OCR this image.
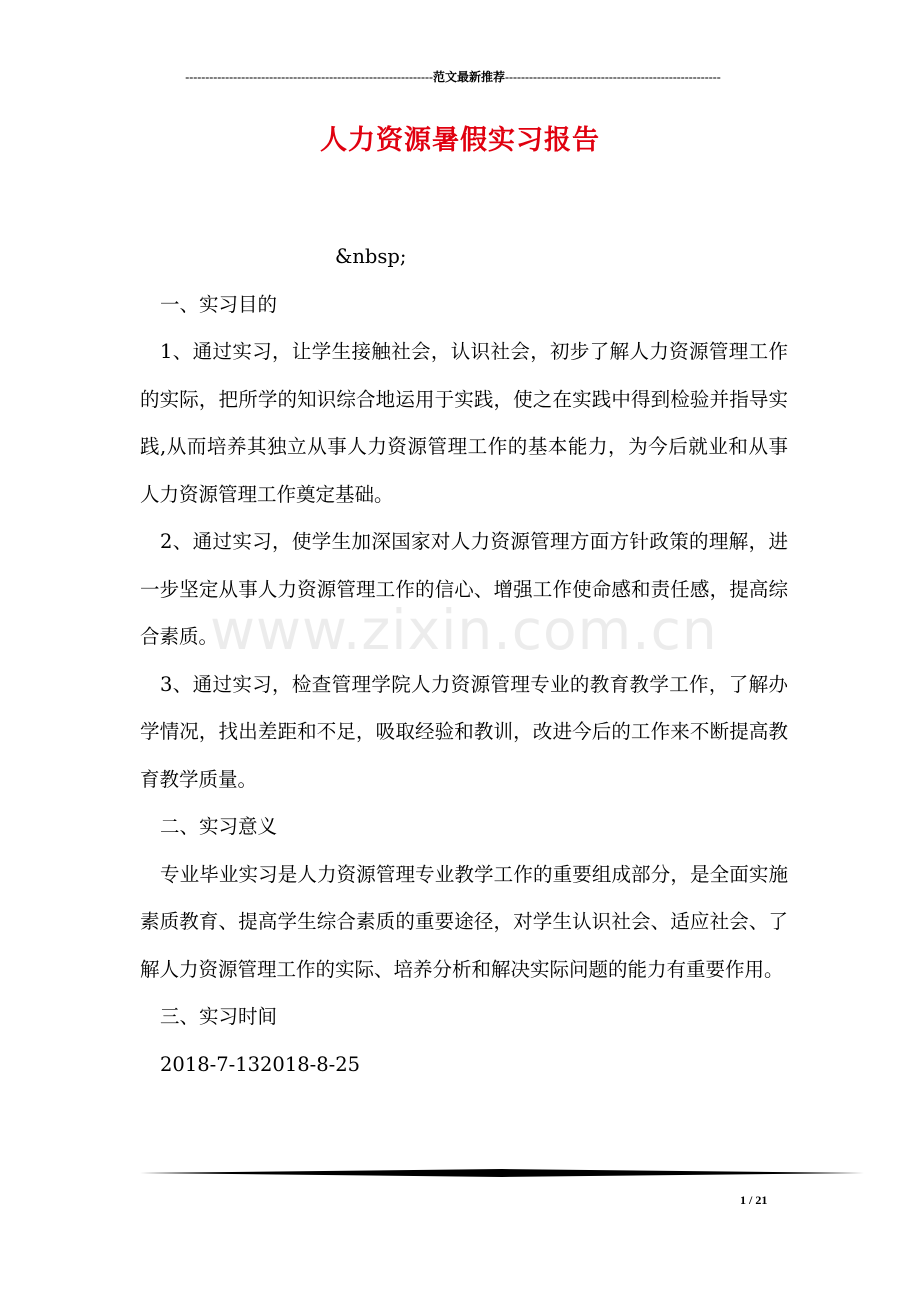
--------------------------------------------------------------范文最新推荐------------------------------------------------------
人力资源暑假实习报告
www.zixin.com.cn

&nbsp;

一、实习目的

1、通过实习，让学生接触社会，认识社会，初步了解人力资源管理工作的实际，把所学的知识综合地运用于实践，使之在实践中得到检验并指导实践,从而培养其独立从事人力资源管理工作的基本能力，为今后就业和从事人力资源管理工作奠定基础。

2、通过实习，使学生加深国家对人力资源管理方面方针政策的理解，进一步坚定从事人力资源管理工作的信心、增强工作使命感和责任感，提高综合素质。

3、通过实习，检查管理学院人力资源管理专业的教育教学工作，了解办学情况，找出差距和不足，吸取经验和教训，改进今后的工作来不断提高教育教学质量。

二、实习意义

专业毕业实习是人力资源管理专业教学工作的重要组成部分，是全面实施素质教育、提高学生综合素质的重要途径，对学生认识社会、适应社会、了解人力资源管理工作的实际、培养分析和解决实际问题的能力有重要作用。

三、实习时间

2018-7-132018-8-25

1 / 21
